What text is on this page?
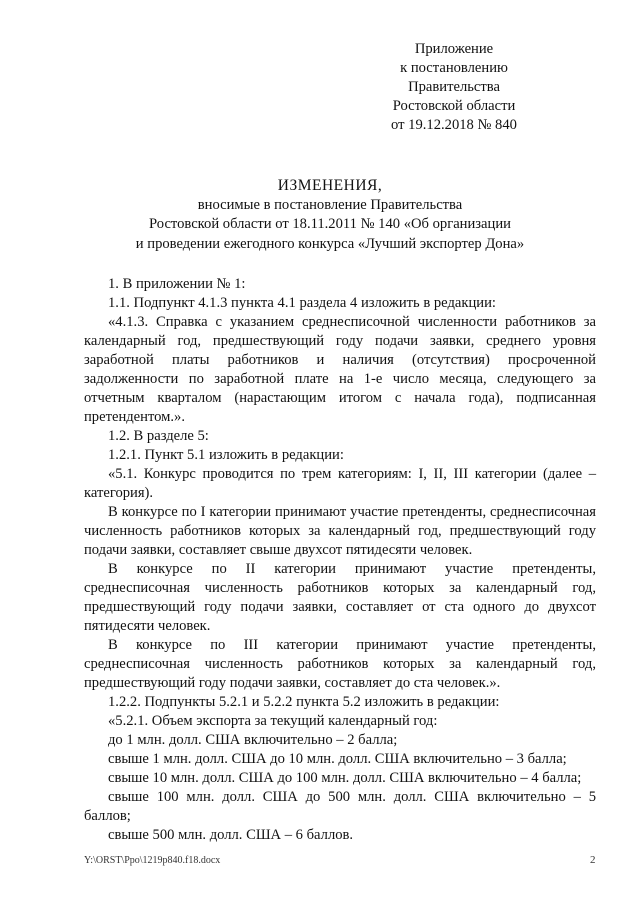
Приложение
к постановлению
Правительства
Ростовской области
от 19.12.2018 № 840
ИЗМЕНЕНИЯ,
вносимые в постановление Правительства
Ростовской области от 18.11.2011 № 140 «Об организации
и проведении ежегодного конкурса «Лучший экспортер Дона»

1. В приложении № 1:

1.1. Подпункт 4.1.3 пункта 4.1 раздела 4 изложить в редакции:

«4.1.3. Справка с указанием среднесписочной численности работников за календарный год, предшествующий году подачи заявки, среднего уровня заработной платы работников и наличия (отсутствия) просроченной задолженности по заработной плате на 1-е число месяца, следующего за отчетным кварталом (нарастающим итогом с начала года), подписанная претендентом.».

1.2. В разделе 5:

1.2.1. Пункт 5.1 изложить в редакции:

«5.1. Конкурс проводится по трем категориям: I, II, III категории (далее – категория).

В конкурсе по I категории принимают участие претенденты, среднесписочная численность работников которых за календарный год, предшествующий году подачи заявки, составляет свыше двухсот пятидесяти человек.

В конкурсе по II категории принимают участие претенденты, среднесписочная численность работников которых за календарный год, предшествующий году подачи заявки, составляет от ста одного до двухсот пятидесяти человек.

В конкурсе по III категории принимают участие претенденты, среднесписочная численность работников которых за календарный год, предшествующий году подачи заявки, составляет до ста человек.».

1.2.2. Подпункты 5.2.1 и 5.2.2 пункта 5.2 изложить в редакции:

«5.2.1. Объем экспорта за текущий календарный год:

до 1 млн. долл. США включительно – 2 балла;

свыше 1 млн. долл. США до 10 млн. долл. США включительно – 3 балла;

свыше 10 млн. долл. США до 100 млн. долл. США включительно – 4 балла;

свыше 100 млн. долл. США до 500 млн. долл. США включительно – 5 баллов;

свыше 500 млн. долл. США – 6 баллов.

Y:\ORST\Ppo\1219p840.f18.docx	2
